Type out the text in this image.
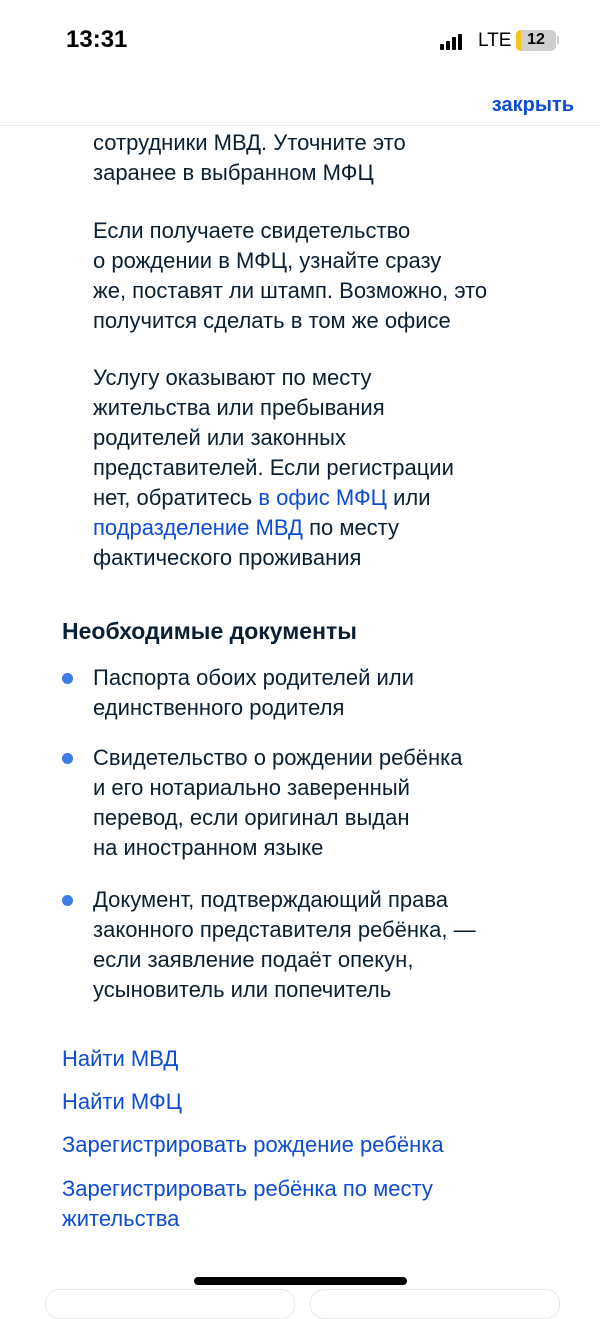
13:31	LTE 12
закрыть
сотрудники МВД. Уточните это
заранее в выбранном МФЦ
Если получаете свидетельство
о рождении в МФЦ, узнайте сразу
же, поставят ли штамп. Возможно, это
получится сделать в том же офисе
Услугу оказывают по месту
жительства или пребывания
родителей или законных
представителей. Если регистрации
нет, обратитесь в офис МФЦ или
подразделение МВД по месту
фактического проживания
Необходимые документы
Паспорта обоих родителей или
единственного родителя
Свидетельство о рождении ребёнка
и его нотариально заверенный
перевод, если оригинал выдан
на иностранном языке
Документ, подтверждающий права
законного представителя ребёнка, —
если заявление подаёт опекун,
усыновитель или попечитель
Найти МВД
Найти МФЦ
Зарегистрировать рождение ребёнка
Зарегистрировать ребёнка по месту
жительства
